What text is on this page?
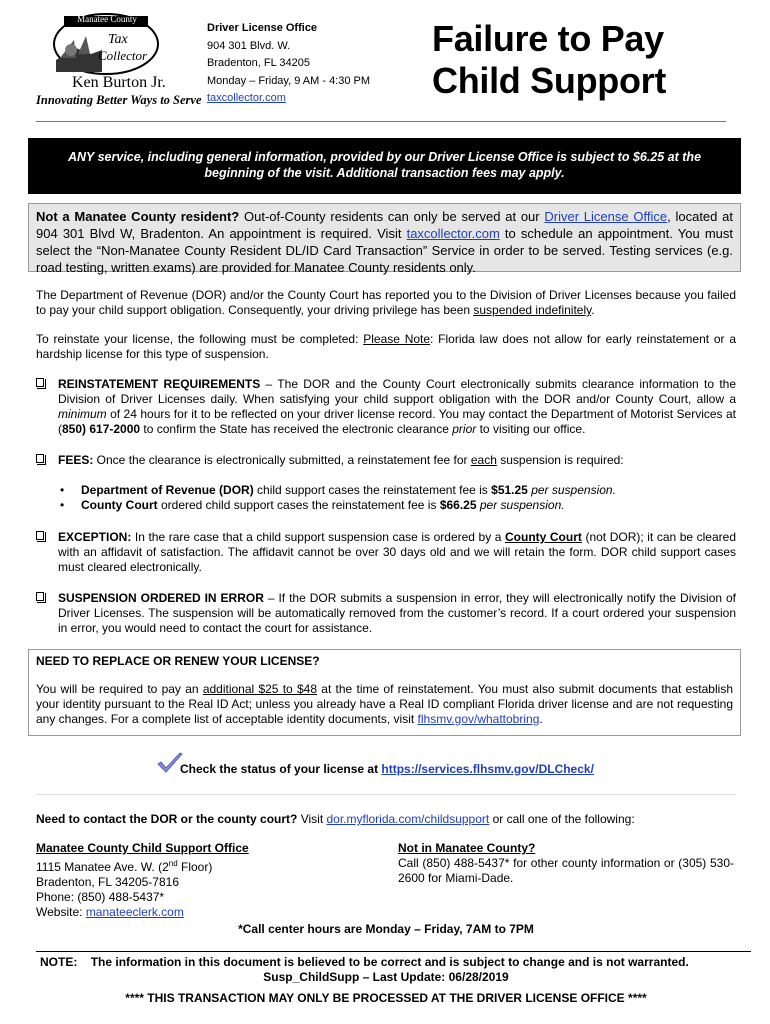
Manatee County
Tax
Collector
Ken Burton Jr.
Innovating Better Ways to Serve
Driver License Office
904 301 Blvd. W.
Bradenton, FL 34205
Monday – Friday, 9 AM - 4:30 PM
taxcollector.com
Failure to Pay
Child Support
ANY service, including general information, provided by our Driver License Office is subject to $6.25 at the
beginning of the visit. Additional transaction fees may apply.
Not a Manatee County resident? Out-of-County residents can only be served at our Driver License Office, located at 904 301 Blvd W, Bradenton. An appointment is required. Visit taxcollector.com to schedule an appointment. You must select the “Non-Manatee County Resident DL/ID Card Transaction” Service in order to be served. Testing services (e.g. road testing, written exams) are provided for Manatee County residents only.
The Department of Revenue (DOR) and/or the County Court has reported you to the Division of Driver Licenses because you failed to pay your child support obligation. Consequently, your driving privilege has been suspended indefinitely.
To reinstate your license, the following must be completed: Please Note: Florida law does not allow for early reinstatement or a hardship license for this type of suspension.
REINSTATEMENT REQUIREMENTS – The DOR and the County Court electronically submits clearance information to the Division of Driver Licenses daily. When satisfying your child support obligation with the DOR and/or County Court, allow a minimum of 24 hours for it to be reflected on your driver license record. You may contact the Department of Motorist Services at (850) 617-2000 to confirm the State has received the electronic clearance prior to visiting our office.
FEES: Once the clearance is electronically submitted, a reinstatement fee for each suspension is required:
• Department of Revenue (DOR) child support cases the reinstatement fee is $51.25 per suspension.
• County Court ordered child support cases the reinstatement fee is $66.25 per suspension.
EXCEPTION: In the rare case that a child support suspension case is ordered by a County Court (not DOR); it can be cleared with an affidavit of satisfaction. The affidavit cannot be over 30 days old and we will retain the form. DOR child support cases must cleared electronically.
SUSPENSION ORDERED IN ERROR – If the DOR submits a suspension in error, they will electronically notify the Division of Driver Licenses. The suspension will be automatically removed from the customer’s record. If a court ordered your suspension in error, you would need to contact the court for assistance.
NEED TO REPLACE OR RENEW YOUR LICENSE?
You will be required to pay an additional $25 to $48 at the time of reinstatement. You must also submit documents that establish your identity pursuant to the Real ID Act; unless you already have a Real ID compliant Florida driver license and are not requesting any changes. For a complete list of acceptable identity documents, visit flhsmv.gov/whattobring.
Check the status of your license at https://services.flhsmv.gov/DLCheck/
Need to contact the DOR or the county court? Visit dor.myflorida.com/childsupport or call one of the following:
Manatee County Child Support Office
1115 Manatee Ave. W. (2nd Floor)
Bradenton, FL 34205-7816
Phone: (850) 488-5437*
Website: manateeclerk.com
Not in Manatee County?
Call (850) 488-5437* for other county information or (305) 530-2600 for Miami-Dade.
*Call center hours are Monday – Friday, 7AM to 7PM
NOTE: The information in this document is believed to be correct and is subject to change and is not warranted.
Susp_ChildSupp – Last Update: 06/28/2019
**** THIS TRANSACTION MAY ONLY BE PROCESSED AT THE DRIVER LICENSE OFFICE ****
